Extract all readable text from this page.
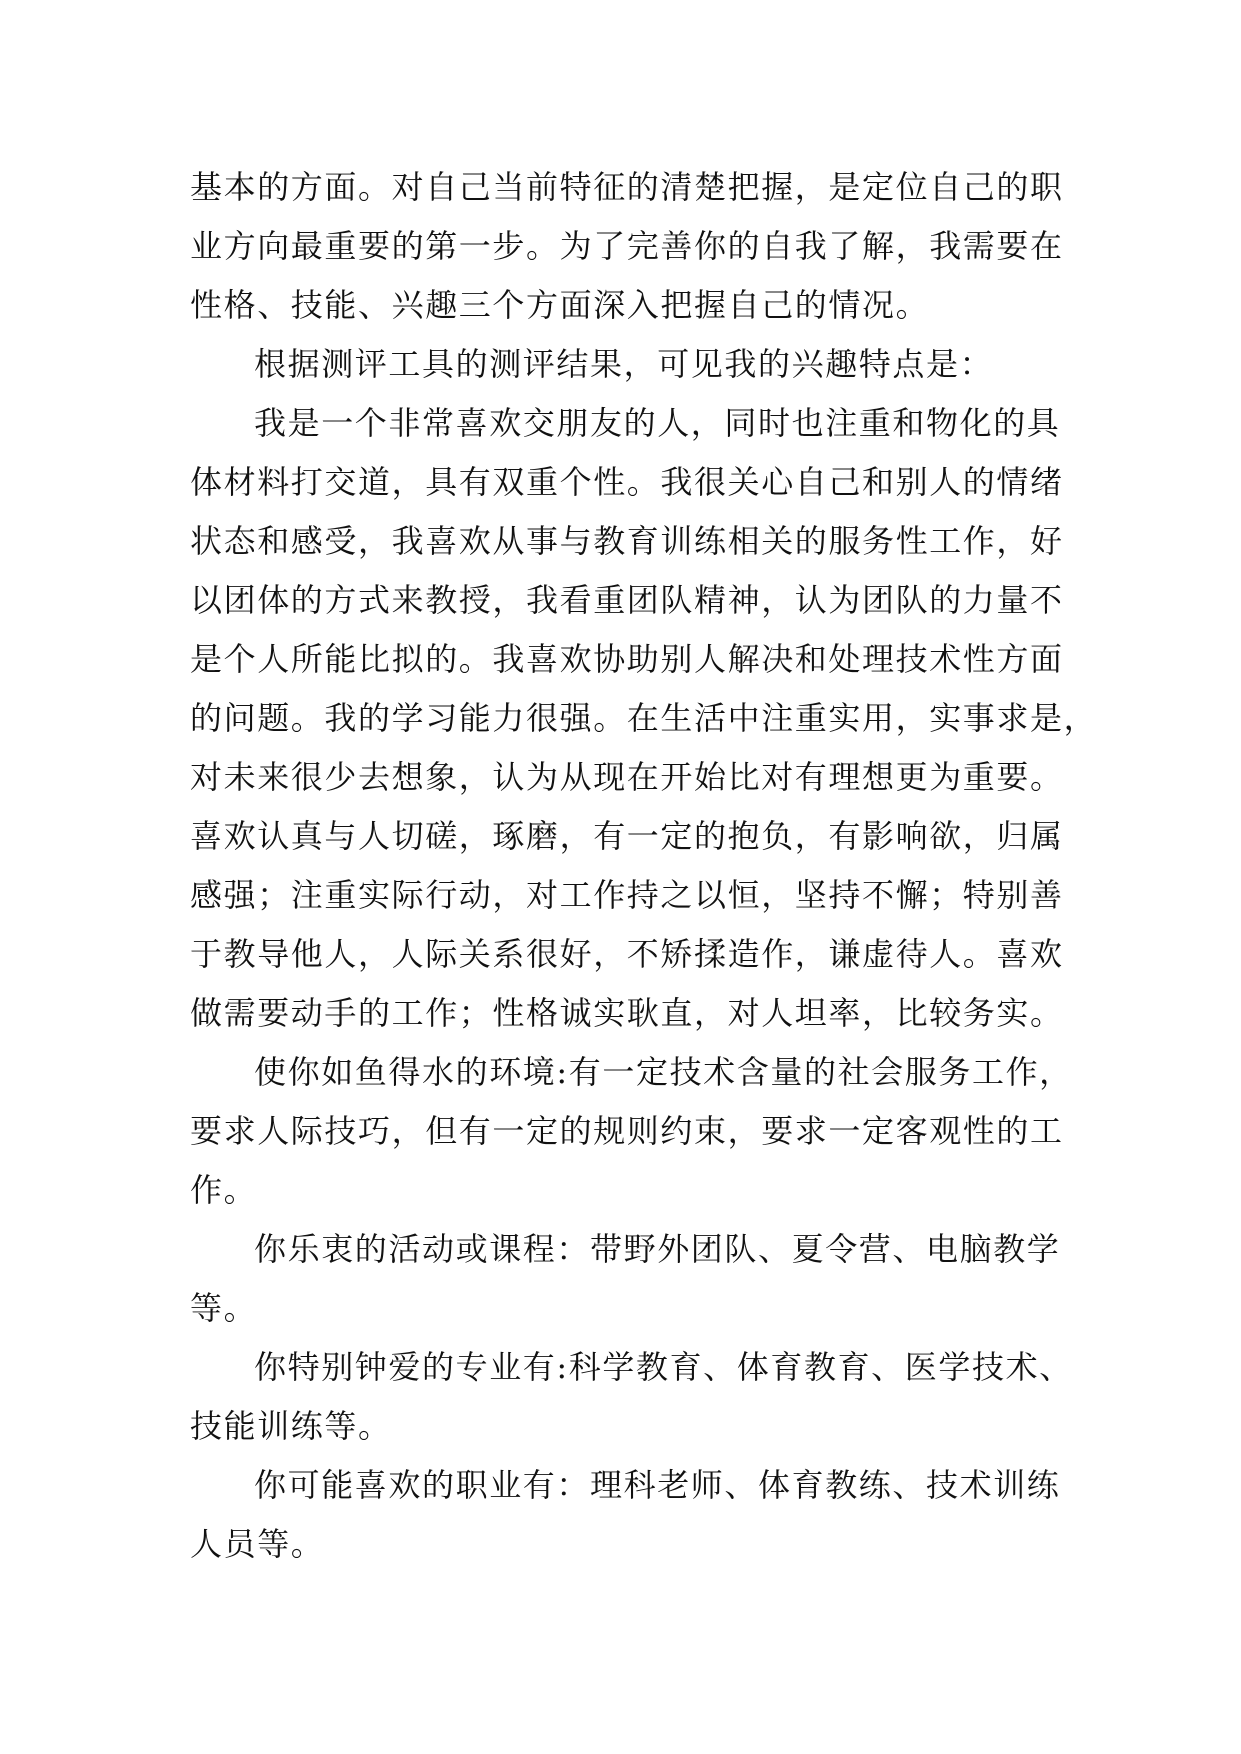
基本的方面。对自己当前特征的清楚把握，是定位自己的职
业方向最重要的第一步。为了完善你的自我了解，我需要在
性格、技能、兴趣三个方面深入把握自己的情况。
根据测评工具的测评结果，可见我的兴趣特点是：
我是一个非常喜欢交朋友的人，同时也注重和物化的具
体材料打交道，具有双重个性。我很关心自己和别人的情绪
状态和感受，我喜欢从事与教育训练相关的服务性工作，好
以团体的方式来教授，我看重团队精神，认为团队的力量不
是个人所能比拟的。我喜欢协助别人解决和处理技术性方面
的问题。我的学习能力很强。在生活中注重实用，实事求是，
对未来很少去想象，认为从现在开始比对有理想更为重要。
喜欢认真与人切磋，琢磨，有一定的抱负，有影响欲，归属
感强；注重实际行动，对工作持之以恒，坚持不懈；特别善
于教导他人，人际关系很好，不矫揉造作，谦虚待人。喜欢
做需要动手的工作；性格诚实耿直，对人坦率，比较务实。
使你如鱼得水的环境:有一定技术含量的社会服务工作，
要求人际技巧，但有一定的规则约束，要求一定客观性的工
作。
你乐衷的活动或课程：带野外团队、夏令营、电脑教学
等。
你特别钟爱的专业有:科学教育、体育教育、医学技术、
技能训练等。
你可能喜欢的职业有：理科老师、体育教练、技术训练
人员等。
